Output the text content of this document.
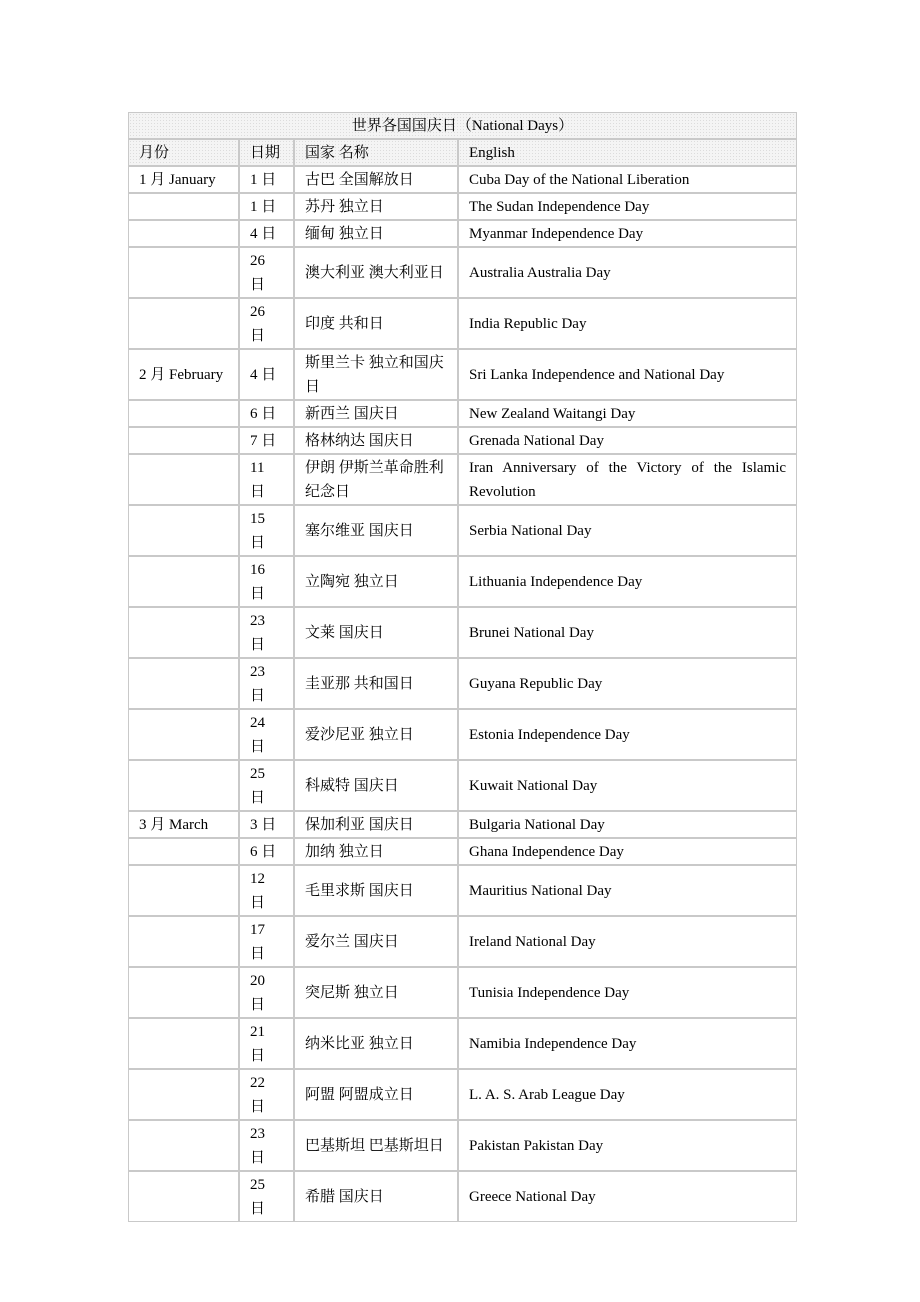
世界各国国庆日（National Days）			
月份	日期	国家 名称	English
1 月 January	1 日	古巴 全国解放日	Cuba Day of the National Liberation
	1 日	苏丹 独立日	The Sudan Independence Day
	4 日	缅甸 独立日	Myanmar Independence Day
	26 日	澳大利亚 澳大利亚日	Australia Australia Day
	26 日	印度 共和日	India Republic Day
2 月 February	4 日	斯里兰卡 独立和国庆日	Sri Lanka Independence and National Day
	6 日	新西兰 国庆日	New Zealand Waitangi Day
	7 日	格林纳达 国庆日	Grenada National Day
	11 日	伊朗 伊斯兰革命胜利纪念日	Iran Anniversary of the Victory of the Islamic Revolution
	15 日	塞尔维亚 国庆日	Serbia National Day
	16 日	立陶宛 独立日	Lithuania Independence Day
	23 日	文莱 国庆日	Brunei National Day
	23 日	圭亚那 共和国日	Guyana Republic Day
	24 日	爱沙尼亚 独立日	Estonia Independence Day
	25 日	科威特 国庆日	Kuwait National Day
3 月 March	3 日	保加利亚 国庆日	Bulgaria National Day
	6 日	加纳 独立日	Ghana Independence Day
	12 日	毛里求斯 国庆日	Mauritius National Day
	17 日	爱尔兰 国庆日	Ireland National Day
	20 日	突尼斯 独立日	Tunisia Independence Day
	21 日	纳米比亚 独立日	Namibia Independence Day
	22 日	阿盟 阿盟成立日	L. A. S. Arab League Day
	23 日	巴基斯坦 巴基斯坦日	Pakistan Pakistan Day
	25 日	希腊 国庆日	Greece National Day
